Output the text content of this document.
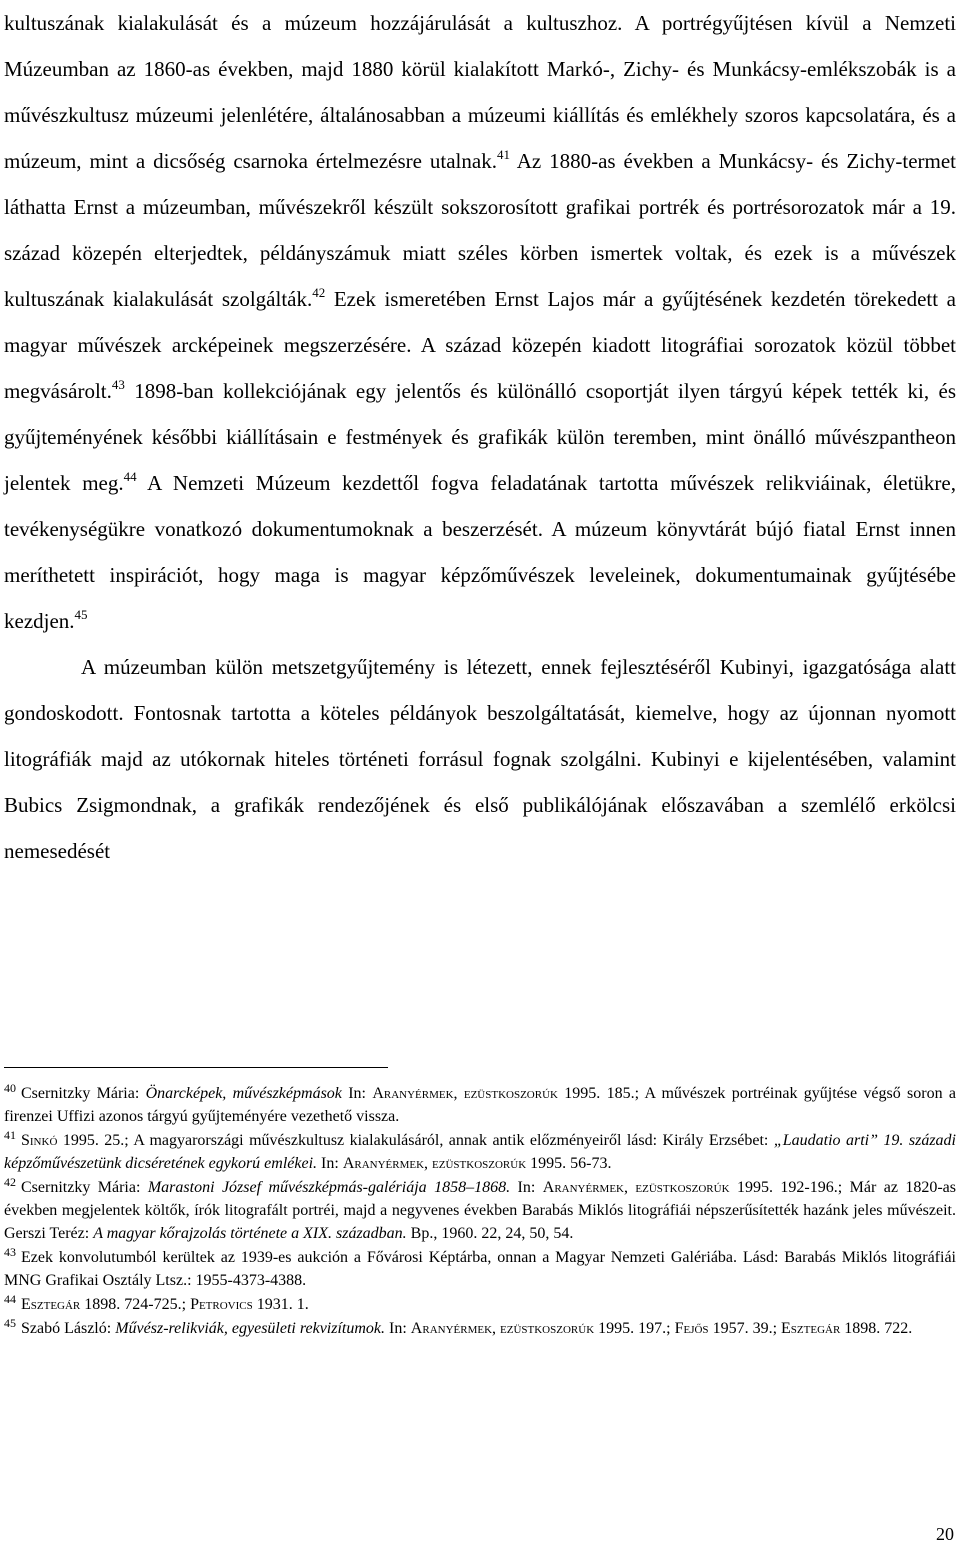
kultuszának kialakulását és a múzeum hozzájárulását a kultuszhoz. A portrégyűjtésen kívül a Nemzeti Múzeumban az 1860-as években, majd 1880 körül kialakított Markó-, Zichy- és Munkácsy-emlékszobák is a művészkultusz múzeumi jelenlétére, általánosabban a múzeumi kiállítás és emlékhely szoros kapcsolatára, és a múzeum, mint a dicsőség csarnoka értelmezésre utalnak.$^{41}$ Az 1880-as években a Munkácsy- és Zichy-termet láthatta Ernst a múzeumban, művészekről készült sokszorosított grafikai portrék és portrésorozatok már a 19. század közepén elterjedtek, példányszámuk miatt széles körben ismertek voltak, és ezek is a művészek kultuszának kialakulását szolgálták.$^{42}$ Ezek ismeretében Ernst Lajos már a gyűjtésének kezdetén törekedett a magyar művészek arcképeinek megszerzésére. A század közepén kiadott litográfiai sorozatok közül többet megvásárolt.$^{43}$ 1898-ban kollekciójának egy jelentős és különálló csoportját ilyen tárgyú képek tették ki, és gyűjteményének későbbi kiállításain e festmények és grafikák külön teremben, mint önálló művészpantheon jelentek meg.$^{44}$ A Nemzeti Múzeum kezdettől fogva feladatának tartotta művészek relikviáinak, életükre, tevékenységükre vonatkozó dokumentumoknak a beszerzését. A múzeum könyvtárát bújó fiatal Ernst innen meríthetett inspirációt, hogy maga is magyar képzőművészek leveleinek, dokumentumainak gyűjtésébe kezdjen.$^{45}$

A múzeumban külön metszetgyűjtemény is létezett, ennek fejlesztéséről Kubinyi, igazgatósága alatt gondoskodott. Fontosnak tartotta a köteles példányok beszolgáltatását, kiemelve, hogy az újonnan nyomott litográfiák majd az utókornak hiteles történeti forrásul fognak szolgálni. Kubinyi e kijelentésében, valamint Bubics Zsigmondnak, a grafikák rendezőjének és első publikálójának előszavában a szemlélő erkölcsi nemesedését

$^{40}$ Csernitzky Mária: Önarcképek, művészképmások In: Aranyérmek, ezüstkoszorúk 1995. 185.; A művészek portréinak gyűjtése végső soron a firenzei Uffizi azonos tárgyú gyűjteményére vezethető vissza.

$^{41}$ Sinkó 1995. 25.; A magyarországi művészkultusz kialakulásáról, annak antik előzményeiről lásd: Király Erzsébet: „Laudatio arti” 19. századi képzőművészetünk dicséretének egykorú emlékei. In: Aranyérmek, ezüstkoszorúk 1995. 56-73.

$^{42}$ Csernitzky Mária: Marastoni József művészképmás-galériája 1858–1868. In: Aranyérmek, ezüstkoszorúk 1995. 192-196.; Már az 1820-as években megjelentek költők, írók litografált portréi, majd a negyvenes években Barabás Miklós litográfiái népszerűsítették hazánk jeles művészeit. Gerszi Teréz: A magyar kőrajzolás története a XIX. században. Bp., 1960. 22, 24, 50, 54.

$^{43}$ Ezek konvolutumból kerültek az 1939-es aukción a Fővárosi Képtárba, onnan a Magyar Nemzeti Galériába. Lásd: Barabás Miklós litográfiái MNG Grafikai Osztály Ltsz.: 1955-4373-4388.

$^{44}$ Esztegár 1898. 724-725.; Petrovics 1931. 1.

$^{45}$ Szabó László: Művész-relikviák, egyesületi rekvizítumok. In: Aranyérmek, ezüstkoszorúk 1995. 197.; Fejős 1957. 39.; Esztegár 1898. 722.

20
